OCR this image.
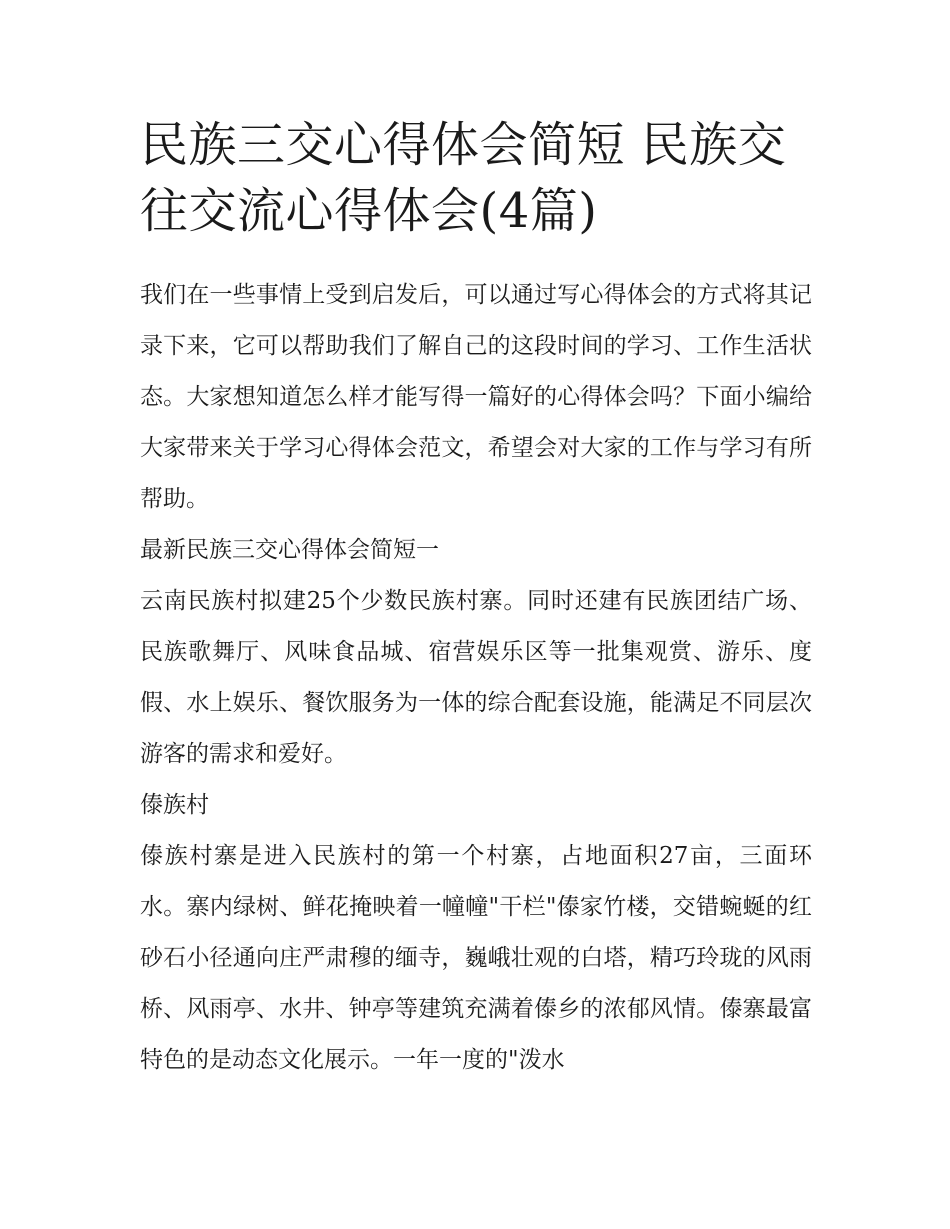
民族三交心得体会简短 民族交往交流心得体会(4篇)

我们在一些事情上受到启发后，可以通过写心得体会的方式将其记录下来，它可以帮助我们了解自己的这段时间的学习、工作生活状态。大家想知道怎么样才能写得一篇好的心得体会吗？下面小编给大家带来关于学习心得体会范文，希望会对大家的工作与学习有所帮助。

最新民族三交心得体会简短一

云南民族村拟建25个少数民族村寨。同时还建有民族团结广场、民族歌舞厅、风味食品城、宿营娱乐区等一批集观赏、游乐、度假、水上娱乐、餐饮服务为一体的综合配套设施，能满足不同层次游客的需求和爱好。

傣族村

傣族村寨是进入民族村的第一个村寨，占地面积27亩，三面环水。寨内绿树、鲜花掩映着一幢幢"干栏"傣家竹楼，交错蜿蜒的红砂石小径通向庄严肃穆的缅寺，巍峨壮观的白塔，精巧玲珑的风雨桥、风雨亭、水井、钟亭等建筑充满着傣乡的浓郁风情。傣寨最富特色的是动态文化展示。一年一度的"泼水
